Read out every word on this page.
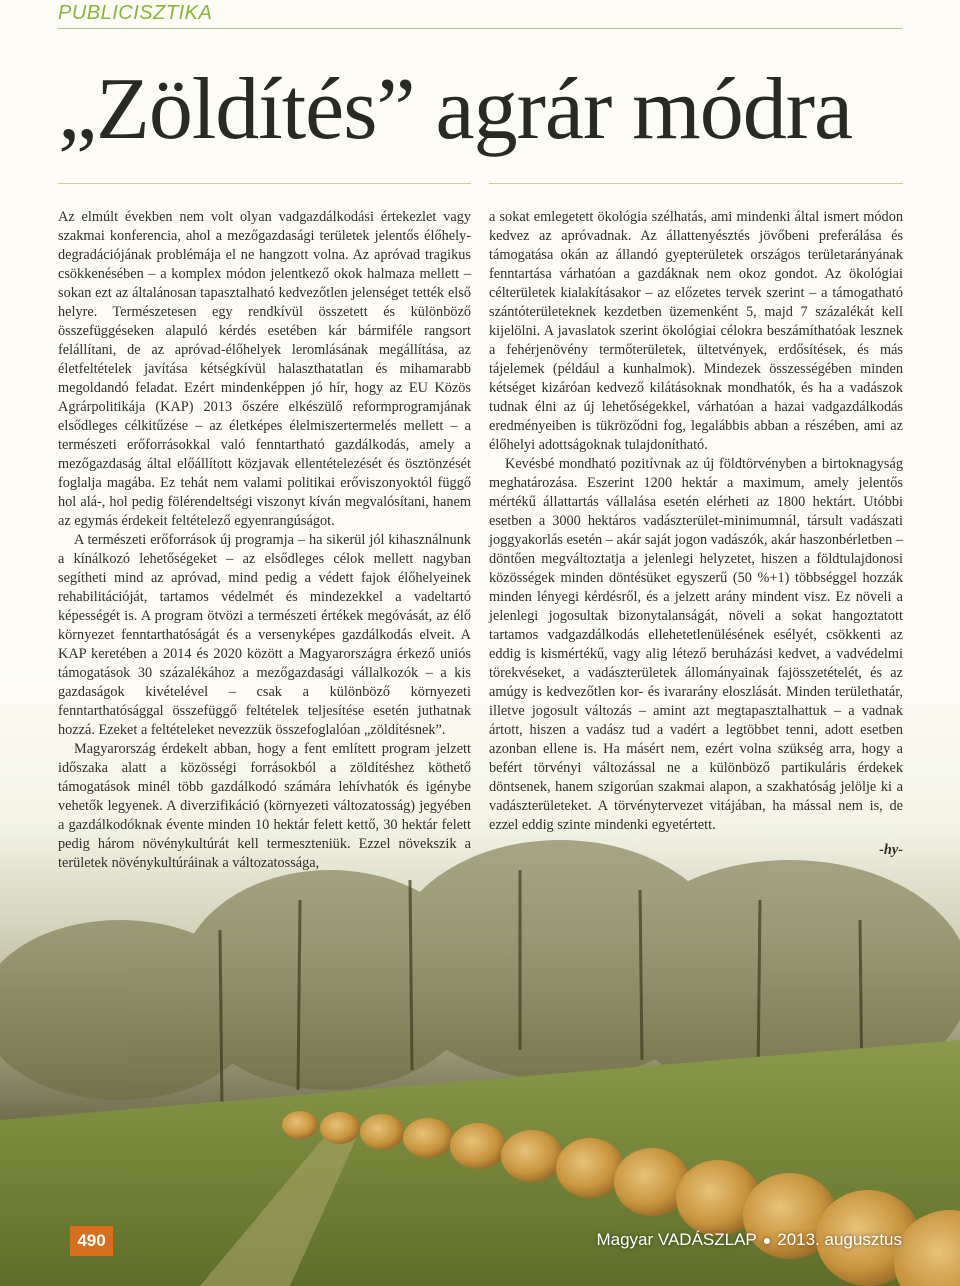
PUBLICISZTIKA
„Zöldítés” agrár módra

Az elmúlt években nem volt olyan vadgazdálkodási értekezlet vagy szakmai konferencia, ahol a mezőgazdasági területek jelentős élőhely-degradációjának problémája el ne hangzott volna. Az apróvad tragikus csökkenésében – a komplex módon jelentkező okok halmaza mellett – sokan ezt az általánosan tapasztalható kedvezőtlen jelenséget tették első helyre. Természetesen egy rendkívül összetett és különböző összefüggéseken alapuló kérdés esetében kár bármiféle rangsort felállítani, de az apróvad-élőhelyek leromlásának megállítása, az életfeltételek javítása kétségkívül halaszthatatlan és mihamarabb megoldandó feladat. Ezért mindenképpen jó hír, hogy az EU Közös Agrárpolitikája (KAP) 2013 őszére elkészülő reformprogramjának elsődleges célkitűzése – az életképes élelmiszertermelés mellett – a természeti erőforrásokkal való fenntartható gazdálkodás, amely a mezőgazdaság által előállított közjavak ellentételezését és ösztönzését foglalja magába. Ez tehát nem valami politikai erőviszonyoktól függő hol alá-, hol pedig fölérendeltségi viszonyt kíván megvalósítani, hanem az egymás érdekeit feltételező egyenrangúságot.

A természeti erőforrások új programja – ha sikerül jól kihasználnunk a kínálkozó lehetőségeket – az elsődleges célok mellett nagyban segítheti mind az apróvad, mind pedig a védett fajok élőhelyeinek rehabilitációját, tartamos védelmét és mindezekkel a vadeltartó képességét is. A program ötvözi a természeti értékek megóvását, az élő környezet fenntarthatóságát és a versenyképes gazdálkodás elveit. A KAP keretében a 2014 és 2020 között a Magyarországra érkező uniós támogatások 30 százalékához a mezőgazdasági vállalkozók – a kis gazdaságok kivételével – csak a különböző környezeti fenntarthatósággal összefüggő feltételek teljesítése esetén juthatnak hozzá. Ezeket a feltételeket nevezzük összefoglalóan „zöldítésnek”.

Magyarország érdekelt abban, hogy a fent említett program jelzett időszaka alatt a közösségi forrásokból a zöldítéshez köthető támogatások minél több gazdálkodó számára lehívhatók és igénybe vehetők legyenek. A diverzifikáció (környezeti változatosság) jegyében a gazdálkodóknak évente minden 10 hektár felett kettő, 30 hektár felett pedig három növénykultúrát kell termeszteniük. Ezzel növekszik a területek növénykultúráinak a változatossága,

a sokat emlegetett ökológia szélhatás, ami mindenki által ismert módon kedvez az apróvadnak. Az állattenyésztés jövőbeni preferálása és támogatása okán az állandó gyepterületek országos területarányának fenntartása várhatóan a gazdáknak nem okoz gondot. Az ökológiai célterületek kialakításakor – az előzetes tervek szerint – a támogatható szántóterületeknek kezdetben üzemenként 5, majd 7 százalékát kell kijelölni. A javaslatok szerint ökológiai célokra beszámíthatóak lesznek a fehérjenövény termőterületek, ültetvények, erdősítések, és más tájelemek (például a kunhalmok). Mindezek összességében minden kétséget kizáróan kedvező kilátásoknak mondhatók, és ha a vadászok tudnak élni az új lehetőségekkel, várhatóan a hazai vadgazdálkodás eredményeiben is tükröződni fog, legalábbis abban a részében, ami az élőhelyi adottságoknak tulajdonítható.

Kevésbé mondható pozitívnak az új földtörvényben a birtoknagyság meghatározása. Eszerint 1200 hektár a maximum, amely jelentős mértékű állattartás vállalása esetén elérheti az 1800 hektárt. Utóbbi esetben a 3000 hektáros vadászterület-minimumnál, társult vadászati joggyakorlás esetén – akár saját jogon vadászók, akár haszonbérletben – döntően megváltoztatja a jelenlegi helyzetet, hiszen a földtulajdonosi közösségek minden döntésüket egyszerű (50 %+1) többséggel hozzák minden lényegi kérdésről, és a jelzett arány mindent visz. Ez növeli a jelenlegi jogosultak bizonytalanságát, növeli a sokat hangoztatott tartamos vadgazdálkodás ellehetetlenülésének esélyét, csökkenti az eddig is kismértékű, vagy alig létező beruházási kedvet, a vadvédelmi törekvéseket, a vadászterületek állományainak fajösszetételét, és az amúgy is kedvezőtlen kor- és ivararány eloszlását. Minden területhatár, illetve jogosult változás – amint azt megtapasztalhattuk – a vadnak ártott, hiszen a vadász tud a vadért a legtöbbet tenni, adott esetben azonban ellene is. Ha másért nem, ezért volna szükség arra, hogy a befért törvényi változással ne a különböző partikuláris érdekek döntsenek, hanem szigorúan szakmai alapon, a szakhatóság jelölje ki a vadászterületeket. A törvénytervezet vitájában, ha mással nem is, de ezzel eddig szinte mindenki egyetértett.

-hy-
490	Magyar VADÁSZLAP ● 2013. augusztus
